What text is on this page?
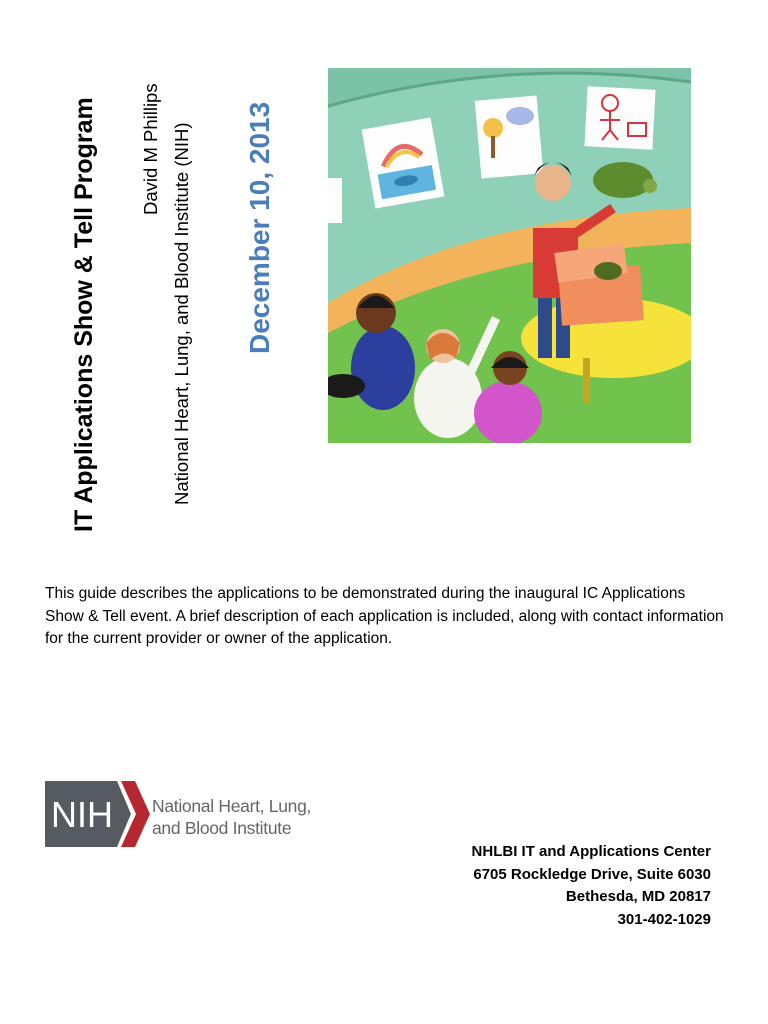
IT Applications Show & Tell Program David M Phillips National Heart, Lung, and Blood Institute (NIH) December 10, 2013

This guide describes the applications to be demonstrated during the inaugural IC Applications Show & Tell event. A brief description of each application is included, along with contact information for the current provider or owner of the application.

NIH National Heart, Lung,
and Blood Institute
NHLBI IT and Applications Center
6705 Rockledge Drive, Suite 6030
Bethesda, MD 20817
301-402-1029
